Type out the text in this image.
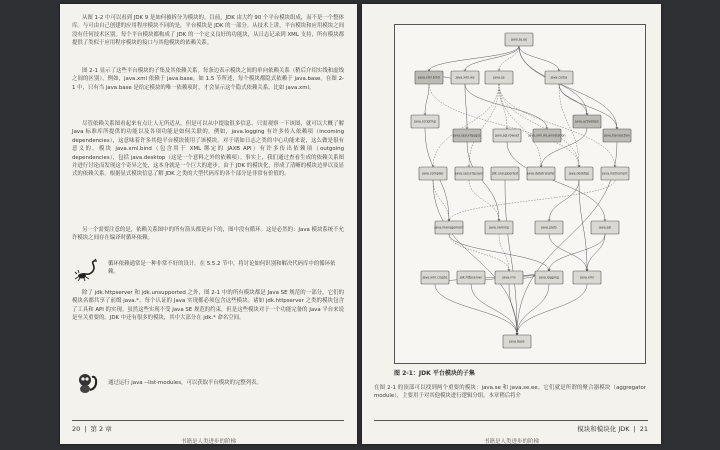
从图 1-2 中可以看到 JDK 9 是如何被拆分为模块的。目前，JDK 由大约 90 个平台模块组成，而不是一个整体库。与可由自己创建的应用程序模块不同的是，平台模块是 JDK 的一部分。从技术上讲，平台模块和应用模块之间没有任何技术区别。每个平台模块都构成了 JDK 的一个定义良好的功能块，从日志记录到 XML 支持，所有模块都提供了类似于应用程序模块的接口与其他模块的依赖关系。

图 2-1 显示了这些平台模块的子集及其依赖关系。每条边表示模块之间的单向依赖关系（稍后介绍实线和虚线之间的区别）。例如，java.xml 依赖于 java.base。如 1.5 节所述，每个模块都隐式依赖于 java.base。在图 2-1 中，只有当 java.base 是给定模块的唯一依赖项时，才会显示这个隐式依赖关系，比如 java.xml。

尽管依赖关系图看起来有点让人无所适从，但是可以从中提取很多信息。只需观察一下该图，就可以大概了解 Java 标准库所提供的功能以及各项功能是如何关联的。例如，java.logging 有许多传入依赖项（incoming dependencies），这意味着许多其他平台模块使用了该模块。对于诸如日志之类的中心功能来说，这么做是很有意义的。模块 java.xml.bind（包含用于 XML 绑定的 JAXB API）有许多传出依赖项（outgoing dependencies），包括 java.desktop（这是一个意料之外的依赖项）。事实上，我们通过查看生成的依赖关系图并进行讨论而发现这个奇异之处，这本身就是一个巨大的进步。由于 JDK 的模块化，形成了清晰的模块边界以及显式的依赖关系。根据显式模块信息了解 JDK 之类的大型代码库的各个部分是非常有价值的。

另一个需要注意的是，依赖关系图中的所有箭头都是向下的，图中没有循环。这是必然的：Java 模块系统不允许模块之间存在编译时循环依赖。

循环依赖通常是一种非常不好的设计。在 5.5.2 节中，将讨论如何识别和解决代码库中的循环依赖。

除了 jdk.httpserver 和 jdk.unsupported 之外，图 2-1 中的所有模块都是 Java SE 规范的一部分，它们的模块名都共享了前缀 java.*。每个认证的 Java 实现都必须包含这些模块。诸如 jdk.httpserver 之类的模块包含了工具和 API 的实现。虽然这些实现不受 Java SE 规范的约束，但是这些模块对于一个功能完备的 Java 平台来说是至关重要的。JDK 中还有很多的模块，其中大部分在 jdk.* 命名空间。

通过运行 java --list-modules，可以获取平台模块的完整列表。

20 | 第 2 章
书籍是人类进步的阶梯
java.se.ee
java.se
java.xml.bind	java.xml.ws	java.corba
java.scripting
java.security.jgss	java.sql.rowset	java.xml.ws.annotation
java.activation
java.transaction
java.compiler	java.security.sasl	jdk.unsupported	java.datatransfer	java.desktop	java.instrument
java.management	java.naming	java.prefs	java.sql
java.xml.crypto	jdk.httpserver	java.rmi	java.logging	java.xml
java.base
图 2-1：JDK 平台模块的子集

在图 2-1 的顶部可以找到两个重要的模块：java.se 和 java.se.ee。它们就是所谓的聚合器模块（aggregator module），主要用于对其他模块进行逻辑分组。本章稍后将介

模块和模块化 JDK | 21
书籍是人类进步的阶梯
